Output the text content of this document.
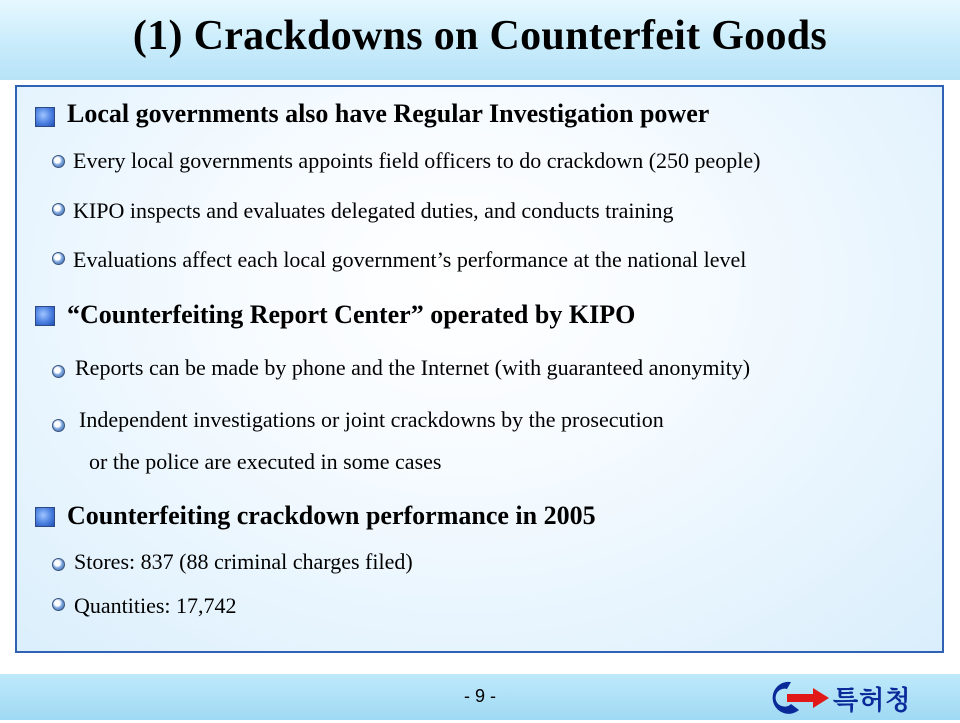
(1) Crackdowns on Counterfeit Goods
Local governments also have Regular Investigation power
Every local governments appoints field officers to do crackdown (250 people)
KIPO inspects and evaluates delegated duties, and conducts training
Evaluations affect each local government’s performance at the national level
“Counterfeiting Report Center” operated by KIPO
Reports can be made by phone and the Internet (with guaranteed anonymity)
Independent investigations or joint crackdowns by the prosecution
or the police are executed in some cases
Counterfeiting crackdown performance in 2005
Stores: 837 (88 criminal charges filed)
Quantities: 17,742
- 9 -	특허청
